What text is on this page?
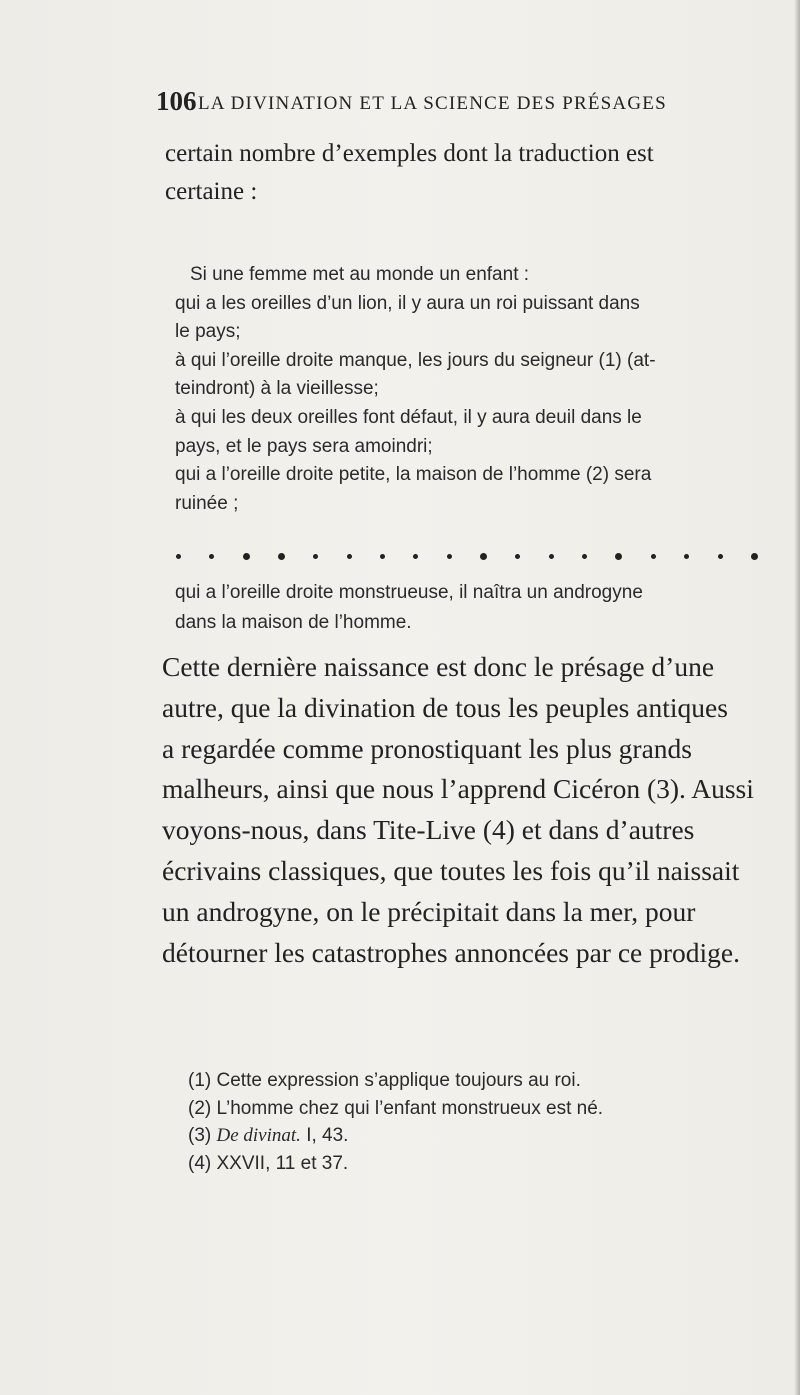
106 LA DIVINATION ET LA SCIENCE DES PRÉSAGES
certain nombre d’exemples dont la traduction est
certaine :
Si une femme met au monde un enfant :
qui a les oreilles d’un lion, il y aura un roi puissant dans
le pays;
à qui l’oreille droite manque, les jours du seigneur (1) (at-
teindront) à la vieillesse;
à qui les deux oreilles font défaut, il y aura deuil dans le
pays, et le pays sera amoindri;
qui a l’oreille droite petite, la maison de l’homme (2) sera
ruinée ;
qui a l’oreille droite monstrueuse, il naîtra un androgyne
dans la maison de l’homme.
Cette dernière naissance est donc le présage d’une
autre, que la divination de tous les peuples antiques
a regardée comme pronostiquant les plus grands
malheurs, ainsi que nous l’apprend Cicéron (3). Aussi
voyons-nous, dans Tite-Live (4) et dans d’autres
écrivains classiques, que toutes les fois qu’il naissait
un androgyne, on le précipitait dans la mer, pour
détourner les catastrophes annoncées par ce prodige.
(1) Cette expression s’applique toujours au roi.
(2) L’homme chez qui l’enfant monstrueux est né.
(3) De divinat. I, 43.
(4) XXVII, 11 et 37.
